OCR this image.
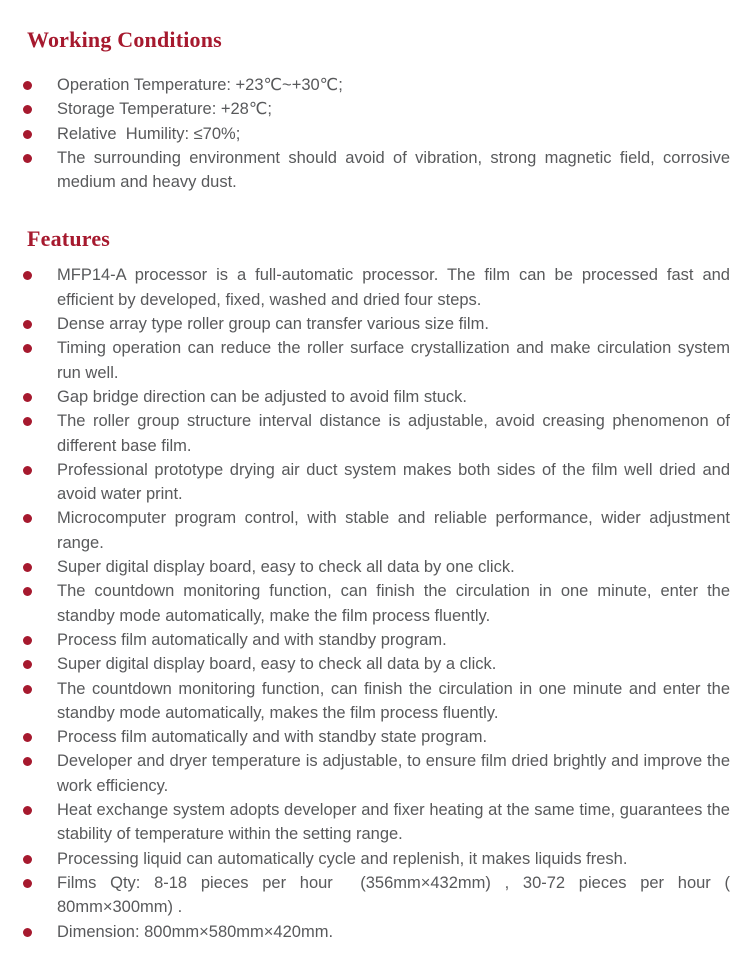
Working Conditions
Operation Temperature: +23℃~+30℃;
Storage Temperature: +28℃;
Relative  Humility: ≤70%;
The surrounding environment should avoid of vibration, strong magnetic field, corrosive medium and heavy dust.
Features
MFP14-A processor is a full-automatic processor. The film can be processed fast and efficient by developed, fixed, washed and dried four steps.
Dense array type roller group can transfer various size film.
Timing operation can reduce the roller surface crystallization and make circulation system run well.
Gap bridge direction can be adjusted to avoid film stuck.
The roller group structure interval distance is adjustable, avoid creasing phenomenon of different base film.
Professional prototype drying air duct system makes both sides of the film well dried and avoid water print.
Microcomputer program control, with stable and reliable performance, wider adjustment range.
Super digital display board, easy to check all data by one click.
The countdown monitoring function, can finish the circulation in one minute, enter the standby mode automatically, make the film process fluently.
Process film automatically and with standby program.
Super digital display board, easy to check all data by a click.
The countdown monitoring function, can finish the circulation in one minute and enter the standby mode automatically, makes the film process fluently.
Process film automatically and with standby state program.
Developer and dryer temperature is adjustable, to ensure film dried brightly and improve the work efficiency.
Heat exchange system adopts developer and fixer heating at the same time, guarantees the stability of temperature within the setting range.
Processing liquid can automatically cycle and replenish, it makes liquids fresh.
Films Qty: 8-18 pieces per hour  (356mm×432mm) , 30-72 pieces per hour ( 80mm×300mm) .
Dimension: 800mm×580mm×420mm.
